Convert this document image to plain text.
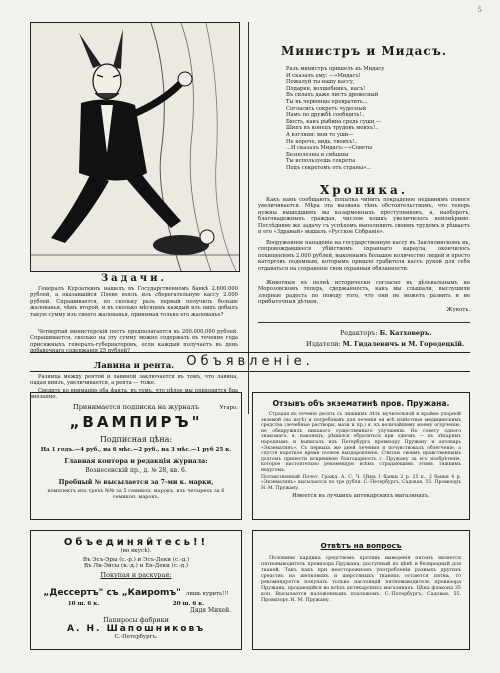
5
Задачи.
Генералъ Курлаткинъ нашелъ въ Государственномъ банкѣ 2.600.000 рублей, а оказавшійся Плеве взялъ изъ сберегательную кассу 2.000 рублей. Спрашивается, по скольку разъ первый получилъ больше жалованья, чѣмъ второй, и въ сколько мѣсяцевъ каждый изъ нихъ добылъ такую сумму изъ своего жалованья, принимая только его жалованье?
Четвертый министерскій постъ предполагается въ 200.000.000 рублей. Спрашивается, сколько на эту сумму можно содержать въ течение года присяжныхъ генералъ-губернаторовъ, если каждый получаетъ въ день добавочнаго содержанія 25 рублей?
Лавина и рента.
Разница между рентой и лавиной заключается въ томъ, что лавина, падая внизъ, увеличивается, а рента — тоже.
Сведите ко вниманію оба факта, въ томъ, что цѣлое мы приходится бда внезапно.
Угаро.
Министръ и Мидасъ.
Разъ министръ пришелъ къ Мидасу
И сказалъ ему: —«Мидасъ!
Пожалуй ты нашу кассу,
Подарки, волшебникъ, насъ!
Въ силахъ даже листъ древесный
Ты въ червонцы превратить...
Согласись секретъ чудесный
Намъ по дружбѣ сообщить!..
Бюсть, какъ рыбина средь суши,—
Шипъ въ конецъ трудовъ моихъ!..
А взгляни: мои то уши—
Не короче, видь, твоихъ!..
...И сказалъ Мидасъ:—«Советы
Безполезны и смѣшны
Ты используешь секреты
Подъ секретомъ отъ страны»...
Хроника.
Какъ намъ сообщаютъ, попытка чинить покраденое недавнимъ поносе увеличивается. Мѣра эта вызвана тѣмъ обстоятельствомъ, что теперь нужны вышедшимъ вы казарменныхъ преступниковъ, а, наоборотъ, благонадежныхъ граждан, числом кошкъ увеличилось неизмѣримо. Послѣднюю же задачу съ успѣхомъ выполняють своимъ трудомъ и рѣшаетъ и его «Здравый» вышалъ «Русское Собраніе».
Вооруженное нападеніе на государственную кассу въ Заклялинскомъ въ, сопровождавшееся убійствомъ охраннаго караула, окончилось похищеніемъ 2.000 рублей, выконнымъ большое количество людей и просто каторговъ подомным, которымъ пришло грабителя кассъ рукой для себя отдаваться на сохраненіе свои охранныя обязанности.
Животныя въ полнѣ исторически согласно въ дѣльвальнымъ на Морозовскомъ теперь, сдержанность, какъ мы слышали, выслушили злорные радость по поводу того, что они не можетъ развить и не прибыточныя дѣтнеи.
Жукоть.
Редакторъ: Б. Катховеръ.
Издатели: М. Гидалевичъ и М. Городецкій.
Объявленіе.
Принимается подписка на журналъ
„ВАМПИРЪ"
Подписная цѣна:
На 1 годъ.—4 руб., на 6 мѣс.—2 руб., на 3 мѣс.—1 руб 25 к.
Главная контора и редакція журнала:
Вознесенскій пр., д. № 28, кв. 6.
Пробный № высылается за 7-ми к. марки,
комплектъ изъ трехъ №№ за 5 семикоп. марокъ, изъ четырехъ за 6 семикоп. марокъ.
Объединяйтесь!!
(во вкусѣ).
Въ Эсъ-Эры (с.-р.) и Эсъ-Деки (с.-д.)
Въ Ли-Эйсы (к.-д.) и Ен-Деки (с.-д.)
Покупая и раскурая:
„Дессертъ" съ „Каирomъ" лишь курить!!!
10 ш. 6 к.	20 ш. 6 к.
Дядя Михей.
Папиросы фабрики
А. Н. Шапошниковъ
С.-Петербургъ.
Отзывъ объ экзематинѣ пров. Пружана.
Страдая въ теченіе десять съ лишнимъ лѣтъ мучительной и крайне упорной экземой (на ногѣ) и потребовавъ для леченія ея всѣ извѣстные медицинскимъ средства (лечебные растворы, мази и пр.) я, къ величайшему моему огорченію, не обнаружилъ никакого существеннаго улучшенія. Но совету одного знакомаго, я, наконецъ, рѣшился обратиться при одномъ — къ лѣкарямъ народнымъ и выписалъ изъ Петербурга провизору Пружану и аптекарь «Экзематинъ». Съ первыхъ же дней лечения я почувствовалъ облегченіе, а спустя короткое время полное выздоровленіе. Считаю своимъ нравственнымъ долгомъ принести искреннюю благодарность г. Пружану за его изобрѣтеніе, которое настоятельно рекомендую всѣмъ страдающимъ этимъ тяжкимъ недугомъ.
Потомственный Почет. Гражд. А. С. Ч. Цѣна 1 банки 2 р. 25 к., 2 банки 4 р. «Экзематинъ» высылается по тре рубля. С.-Петербургъ, Садовая, 55. Провизоръ Н. М. Пружану.
Имеется въ лучшихъ аптекарскихъ магазинахъ.
Отвѣтъ на вопросъ
Половинм кардина средствомъ противъ выведенія пятенъ является пятновыводитель провизора Пружана, доступный по цѣнѣ и безвредный для тканей. Такъ какъ при неосторожномъ употребленіи разныхъ другихъ средствъ на шелковыхъ и шерстяныхъ тканяхъ остаются пятна, то рекомендуется покупать только настоящій пятновыводитель провизора Пружана, продающійся во всѣхъ аптекарскихъ магазинахъ. Цѣна флакона 35 коп. Высылается наложеннымъ платежомъ. С.-Петербургъ, Садовая, 55. Провизоръ Н. М. Пружану.
